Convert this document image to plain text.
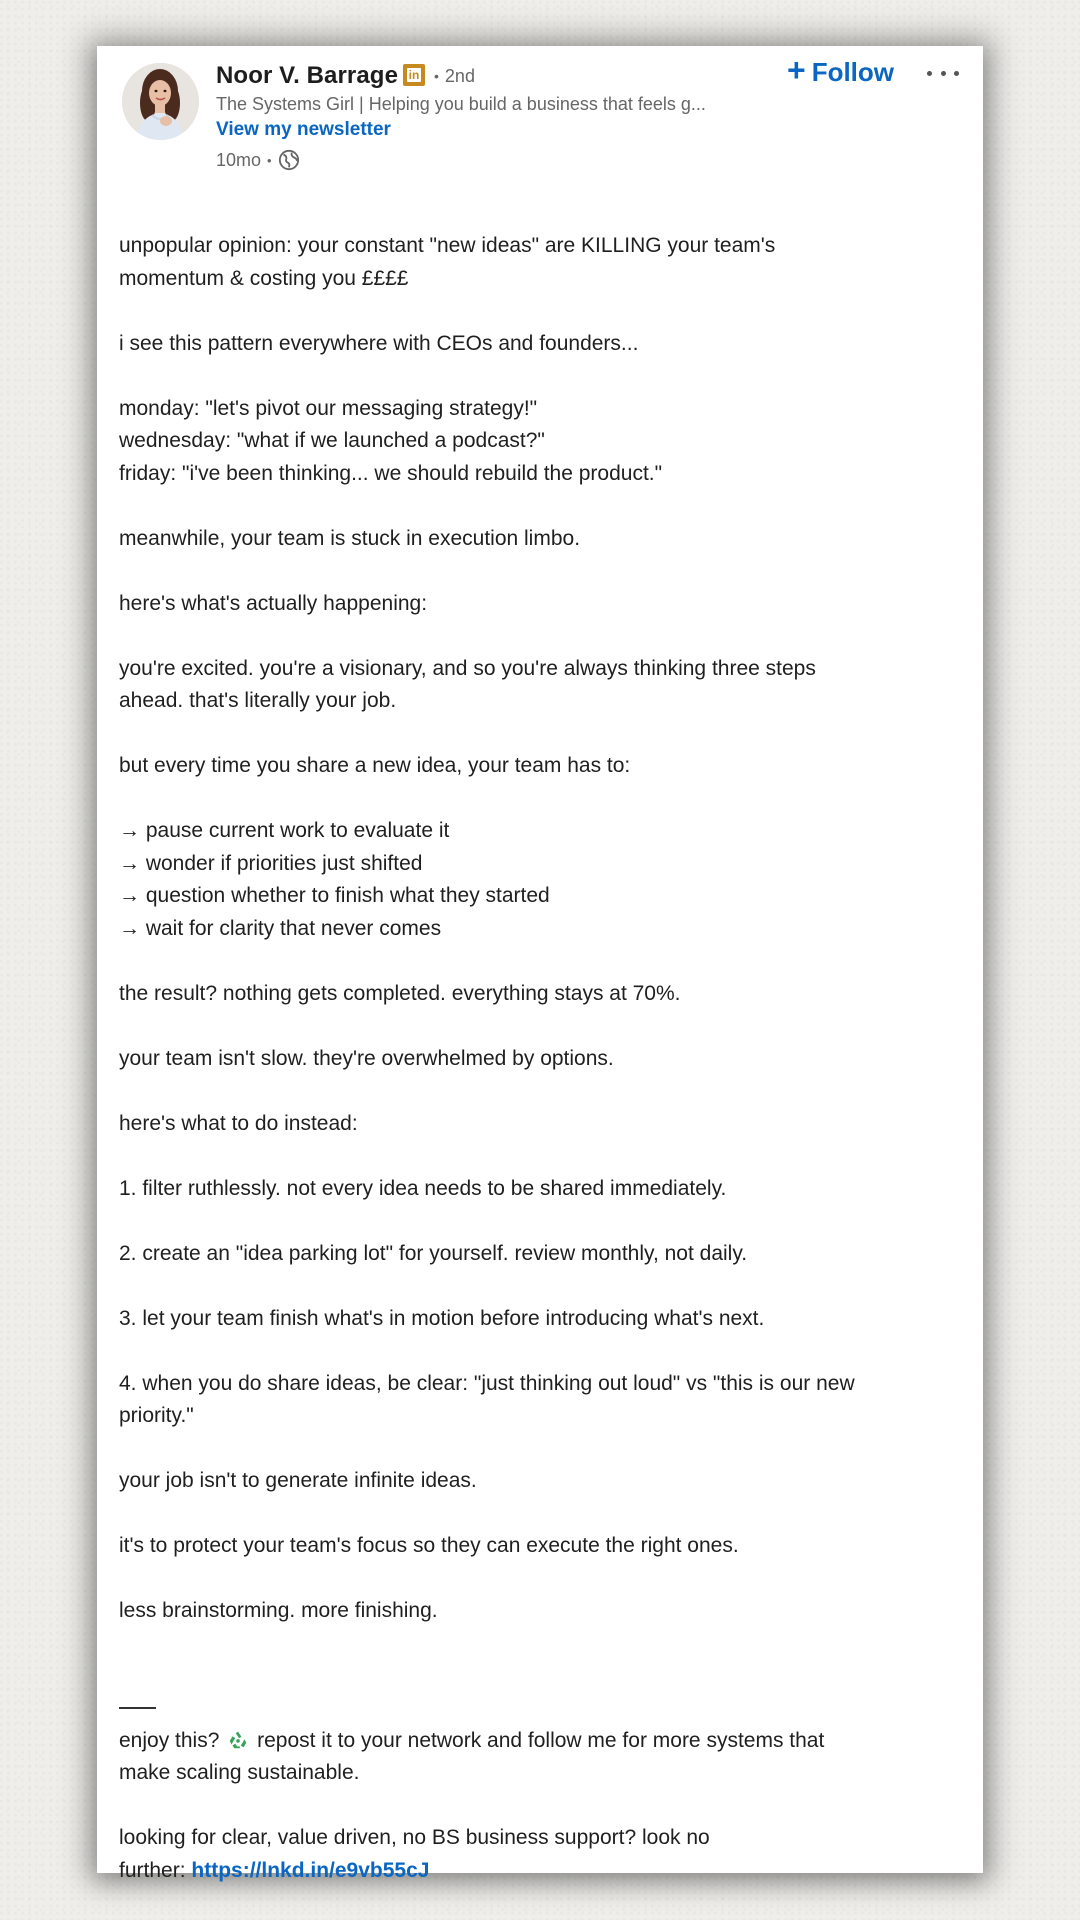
Noor V. Barrage in • 2nd
The Systems Girl | Helping you build a business that feels g...
View my newsletter
10mo •
+ Follow
unpopular opinion: your constant "new ideas" are KILLING your team's
momentum & costing you ££££
i see this pattern everywhere with CEOs and founders...
monday: "let's pivot our messaging strategy!"
wednesday: "what if we launched a podcast?"
friday: "i've been thinking... we should rebuild the product."
meanwhile, your team is stuck in execution limbo.
here's what's actually happening:
you're excited. you're a visionary, and so you're always thinking three steps
ahead. that's literally your job.
but every time you share a new idea, your team has to:
→ pause current work to evaluate it
→ wonder if priorities just shifted
→ question whether to finish what they started
→ wait for clarity that never comes
the result? nothing gets completed. everything stays at 70%.
your team isn't slow. they're overwhelmed by options.
here's what to do instead:
1. filter ruthlessly. not every idea needs to be shared immediately.
2. create an "idea parking lot" for yourself. review monthly, not daily.
3. let your team finish what's in motion before introducing what's next.
4. when you do share ideas, be clear: "just thinking out loud" vs "this is our new
priority."
your job isn't to generate infinite ideas.
it's to protect your team's focus so they can execute the right ones.
less brainstorming. more finishing.
enjoy this? repost it to your network and follow me for more systems that
make scaling sustainable.
looking for clear, value driven, no BS business support? look no
further: https://lnkd.in/e9vb55cJ
